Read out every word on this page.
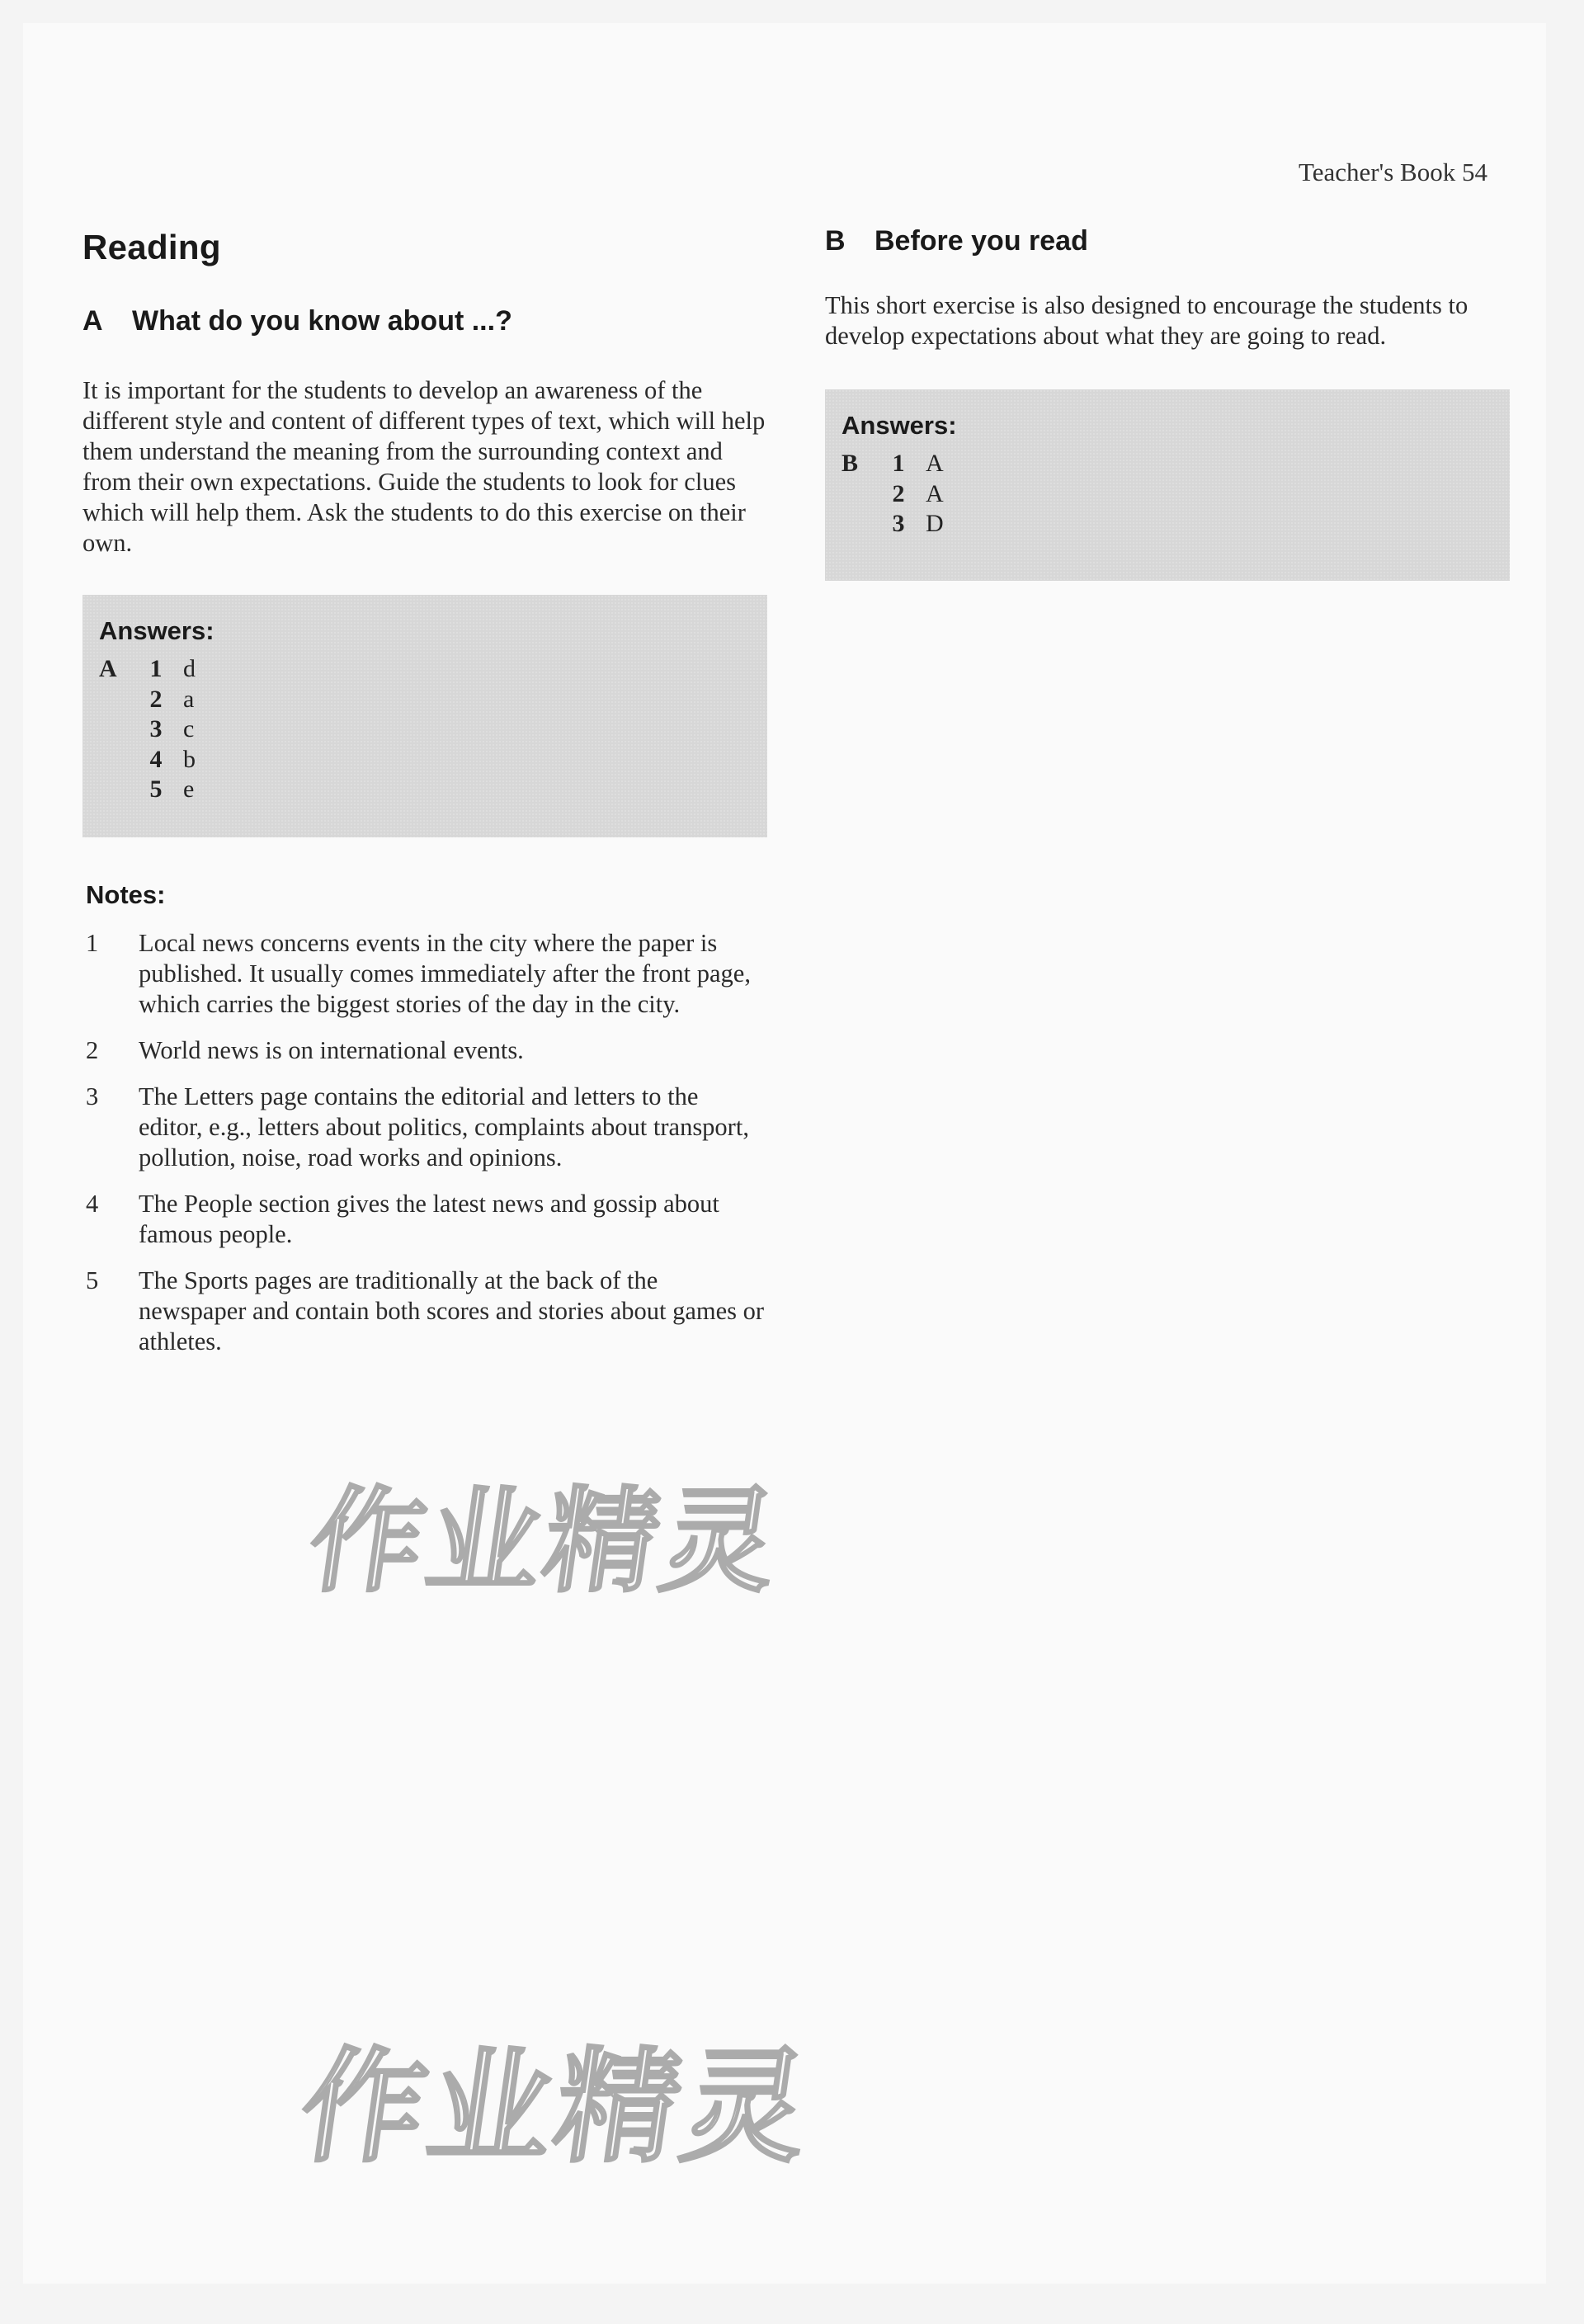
Teacher's Book 54
Reading
A	What do you know about ...?

It is important for the students to develop an awareness of the different style and content of different types of text, which will help them understand the meaning from the surrounding context and from their own expectations. Guide the students to look for clues which will help them. Ask the students to do this exercise on their own.

Answers:
A	1 d
2 a
3 c
4 b
5 e
Notes:
1	Local news concerns events in the city where the paper is published. It usually comes immediately after the front page, which carries the biggest stories of the day in the city.
2	World news is on international events.
3	The Letters page contains the editorial and letters to the editor, e.g., letters about politics, complaints about transport, pollution, noise, road works and opinions.
4	The People section gives the latest news and gossip about famous people.
5	The Sports pages are traditionally at the back of the newspaper and contain both scores and stories about games or athletes.
B	Before you read

This short exercise is also designed to encourage the students to develop expectations about what they are going to read.

Answers:
B	1 A
2 A
3 D
作业精灵
作业精灵
